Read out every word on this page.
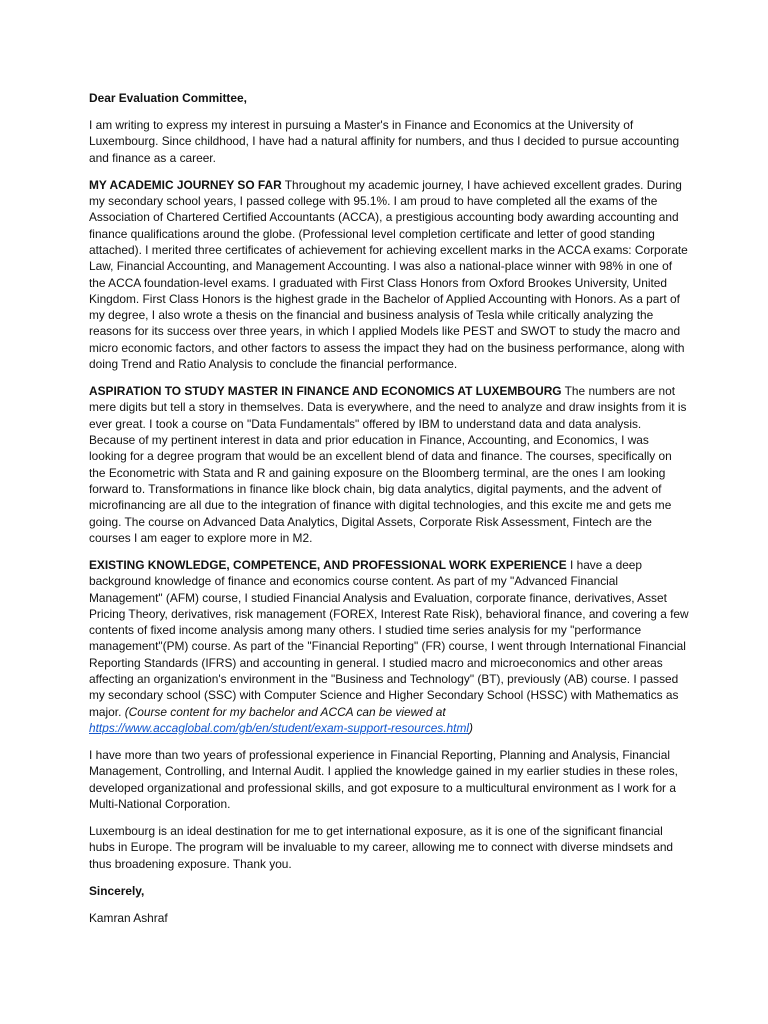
Dear Evaluation Committee,

I am writing to express my interest in pursuing a Master's in Finance and Economics at the University of Luxembourg. Since childhood, I have had a natural affinity for numbers, and thus I decided to pursue accounting and finance as a career.

MY ACADEMIC JOURNEY SO FAR Throughout my academic journey, I have achieved excellent grades. During my secondary school years, I passed college with 95.1%. I am proud to have completed all the exams of the Association of Chartered Certified Accountants (ACCA), a prestigious accounting body awarding accounting and finance qualifications around the globe. (Professional level completion certificate and letter of good standing attached). I merited three certificates of achievement for achieving excellent marks in the ACCA exams: Corporate Law, Financial Accounting, and Management Accounting. I was also a national-place winner with 98% in one of the ACCA foundation-level exams. I graduated with First Class Honors from Oxford Brookes University, United Kingdom. First Class Honors is the highest grade in the Bachelor of Applied Accounting with Honors. As a part of my degree, I also wrote a thesis on the financial and business analysis of Tesla while critically analyzing the reasons for its success over three years, in which I applied Models like PEST and SWOT to study the macro and micro economic factors, and other factors to assess the impact they had on the business performance, along with doing Trend and Ratio Analysis to conclude the financial performance.

ASPIRATION TO STUDY MASTER IN FINANCE AND ECONOMICS AT LUXEMBOURG The numbers are not mere digits but tell a story in themselves. Data is everywhere, and the need to analyze and draw insights from it is ever great. I took a course on "Data Fundamentals" offered by IBM to understand data and data analysis. Because of my pertinent interest in data and prior education in Finance, Accounting, and Economics, I was looking for a degree program that would be an excellent blend of data and finance. The courses, specifically on the Econometric with Stata and R and gaining exposure on the Bloomberg terminal, are the ones I am looking forward to. Transformations in finance like block chain, big data analytics, digital payments, and the advent of microfinancing are all due to the integration of finance with digital technologies, and this excite me and gets me going. The course on Advanced Data Analytics, Digital Assets, Corporate Risk Assessment, Fintech are the courses I am eager to explore more in M2.

EXISTING KNOWLEDGE, COMPETENCE, AND PROFESSIONAL WORK EXPERIENCE I have a deep background knowledge of finance and economics course content. As part of my "Advanced Financial Management" (AFM) course, I studied Financial Analysis and Evaluation, corporate finance, derivatives, Asset Pricing Theory, derivatives, risk management (FOREX, Interest Rate Risk), behavioral finance, and covering a few contents of fixed income analysis among many others. I studied time series analysis for my "performance management"(PM) course. As part of the "Financial Reporting" (FR) course, I went through International Financial Reporting Standards (IFRS) and accounting in general. I studied macro and microeconomics and other areas affecting an organization's environment in the "Business and Technology" (BT), previously (AB) course. I passed my secondary school (SSC) with Computer Science and Higher Secondary School (HSSC) with Mathematics as major. (Course content for my bachelor and ACCA can be viewed at https://www.accaglobal.com/gb/en/student/exam-support-resources.html)

I have more than two years of professional experience in Financial Reporting, Planning and Analysis, Financial Management, Controlling, and Internal Audit. I applied the knowledge gained in my earlier studies in these roles, developed organizational and professional skills, and got exposure to a multicultural environment as I work for a Multi-National Corporation.

Luxembourg is an ideal destination for me to get international exposure, as it is one of the significant financial hubs in Europe. The program will be invaluable to my career, allowing me to connect with diverse mindsets and thus broadening exposure. Thank you.

Sincerely,

Kamran Ashraf
